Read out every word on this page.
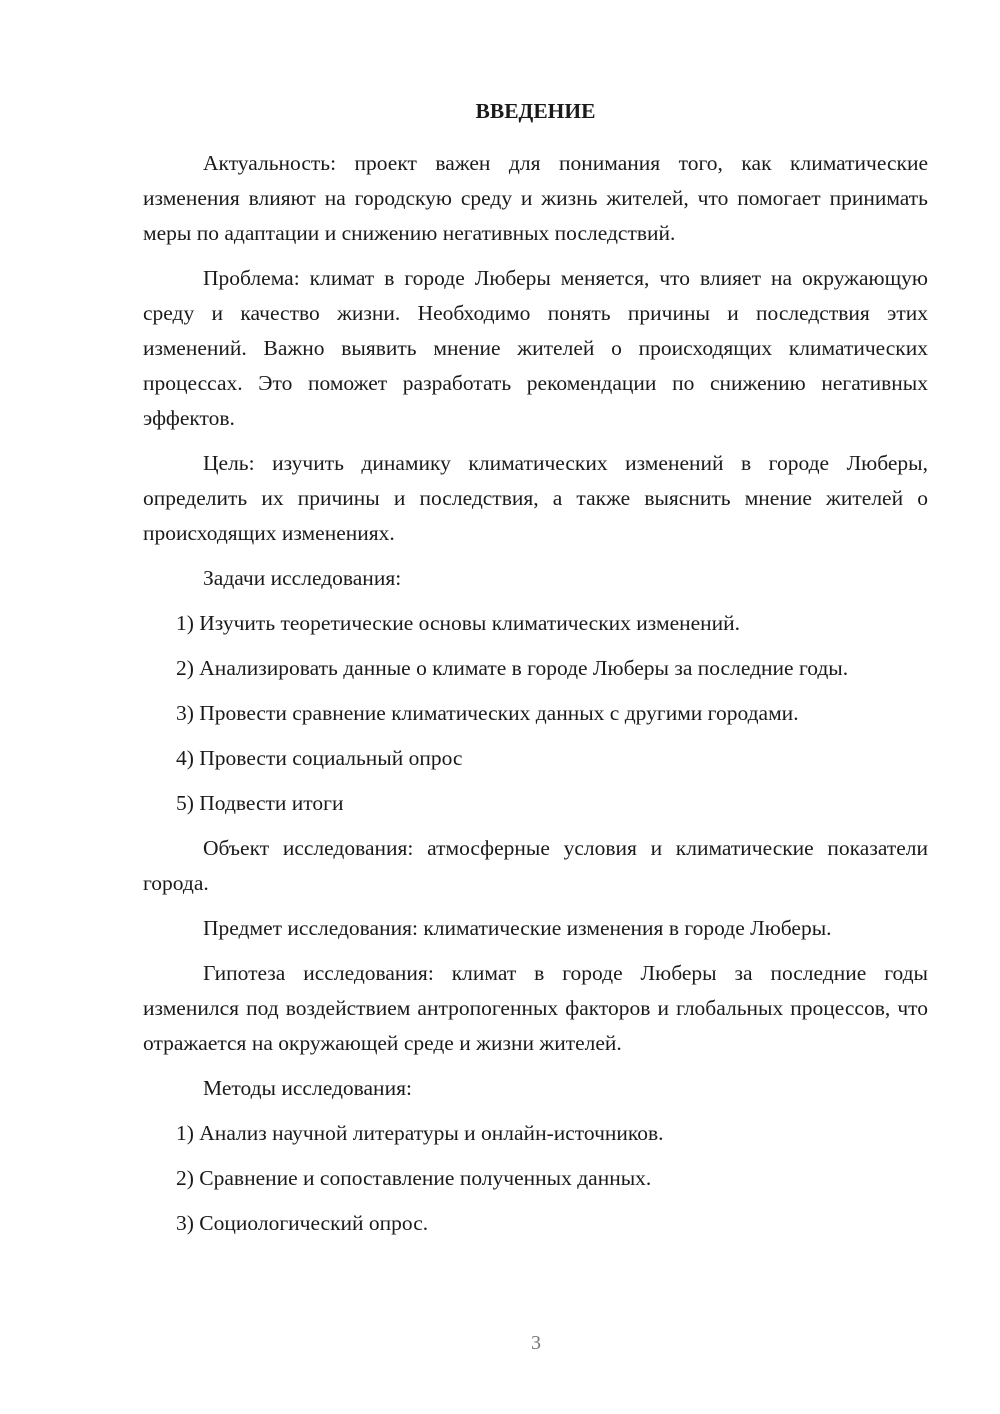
ВВЕДЕНИЕ

Актуальность: проект важен для понимания того, как климатические изменения влияют на городскую среду и жизнь жителей, что помогает принимать меры по адаптации и снижению негативных последствий.

Проблема: климат в городе Люберы меняется, что влияет на окружающую среду и качество жизни. Необходимо понять причины и последствия этих изменений. Важно выявить мнение жителей о происходящих климатических процессах. Это поможет разработать рекомендации по снижению негативных эффектов.

Цель: изучить динамику климатических изменений в городе Люберы, определить их причины и последствия, а также выяснить мнение жителей о происходящих изменениях.

Задачи исследования:

1) Изучить теоретические основы климатических изменений.

2) Анализировать данные о климате в городе Люберы за последние годы.

3) Провести сравнение климатических данных с другими городами.

4) Провести социальный опрос

5) Подвести итоги

Объект исследования: атмосферные условия и климатические показатели города.

Предмет исследования: климатические изменения в городе Люберы.

Гипотеза исследования: климат в городе Люберы за последние годы изменился под воздействием антропогенных факторов и глобальных процессов, что отражается на окружающей среде и жизни жителей.

Методы исследования:

1) Анализ научной литературы и онлайн-источников.

2) Сравнение и сопоставление полученных данных.

3) Социологический опрос.

3
